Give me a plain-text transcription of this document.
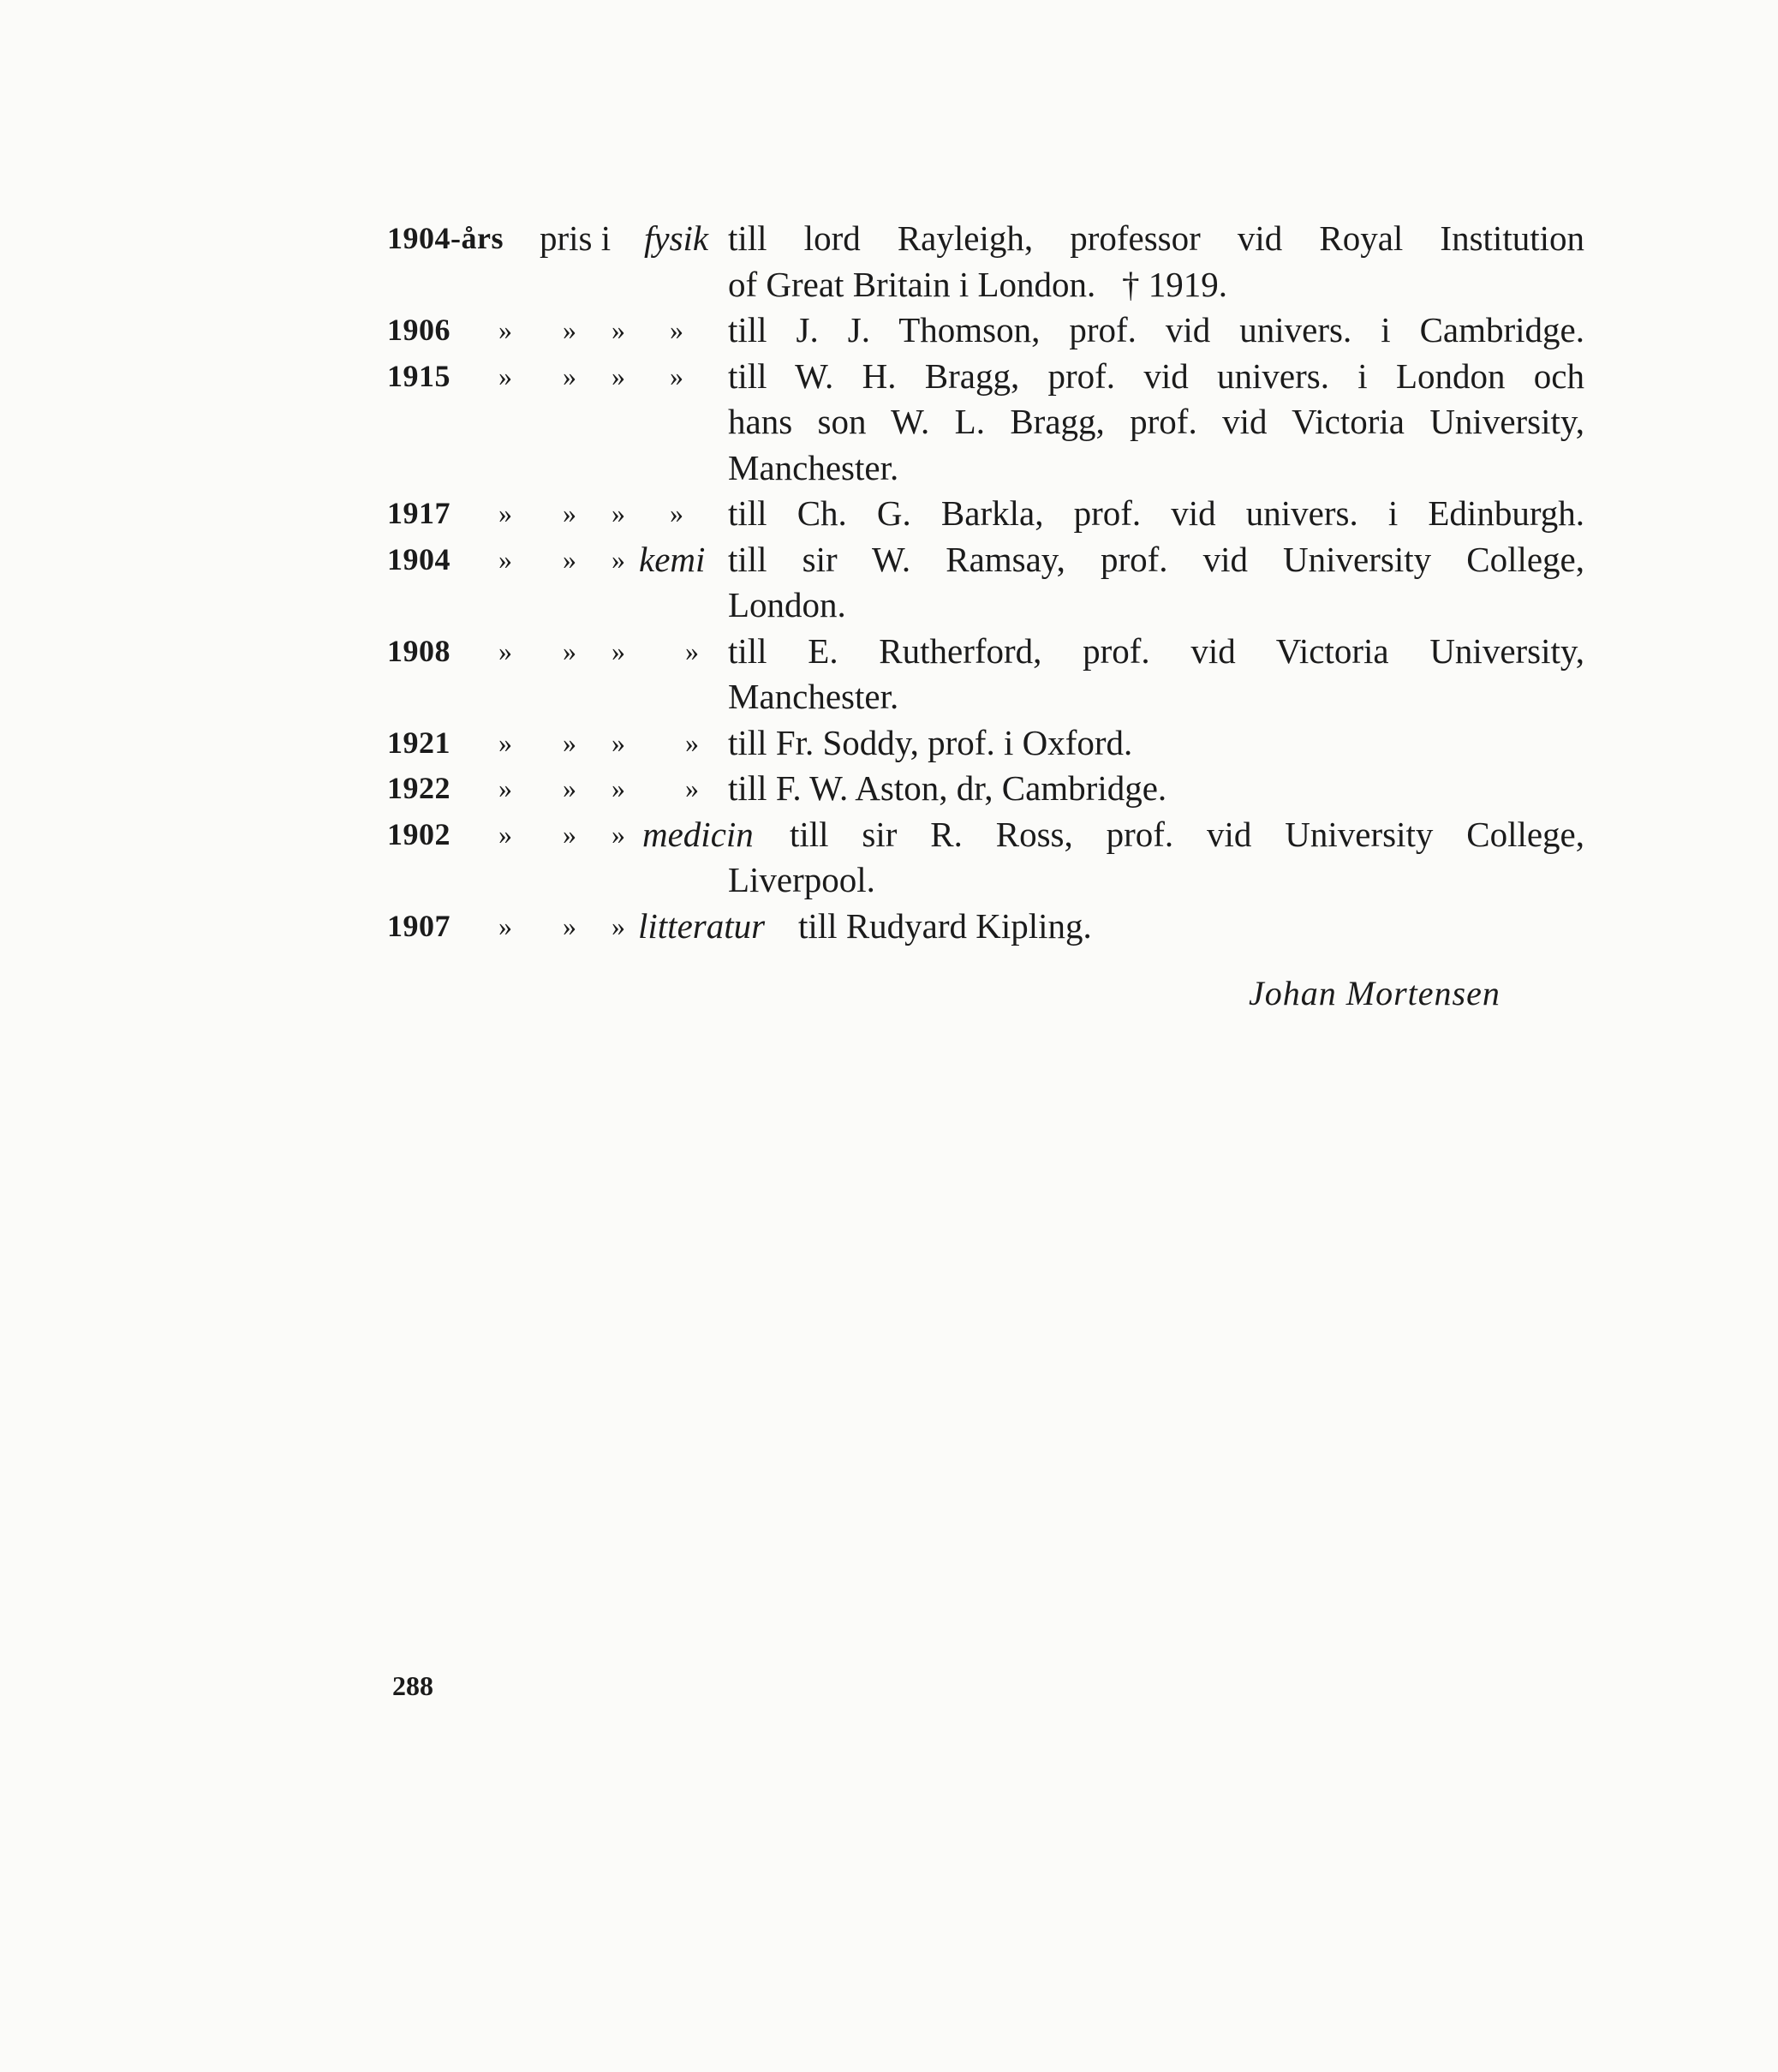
1904-års pris i fysik till lord Rayleigh, professor vid Royal Institution
of Great Britain i London.   † 1919.
1906 » » » » till J. J. Thomson, prof. vid univers. i Cambridge.
1915 » » » » till W. H. Bragg, prof. vid univers. i London och
hans son W. L. Bragg, prof. vid Victoria University,
Manchester.
1917 » » » » till Ch. G. Barkla, prof. vid univers. i Edinburgh.
1904 » » » kemi till sir W. Ramsay, prof. vid University College,
London.
1908 » » » » till E. Rutherford, prof. vid Victoria University,
Manchester.
1921 » » » » till Fr. Soddy, prof. i Oxford.
1922 » » » » till F. W. Aston, dr, Cambridge.
1902 » » » medicin till sir R. Ross, prof. vid University College,
Liverpool.
1907 » » » litteratur till Rudyard Kipling.
Johan Mortensen
288
